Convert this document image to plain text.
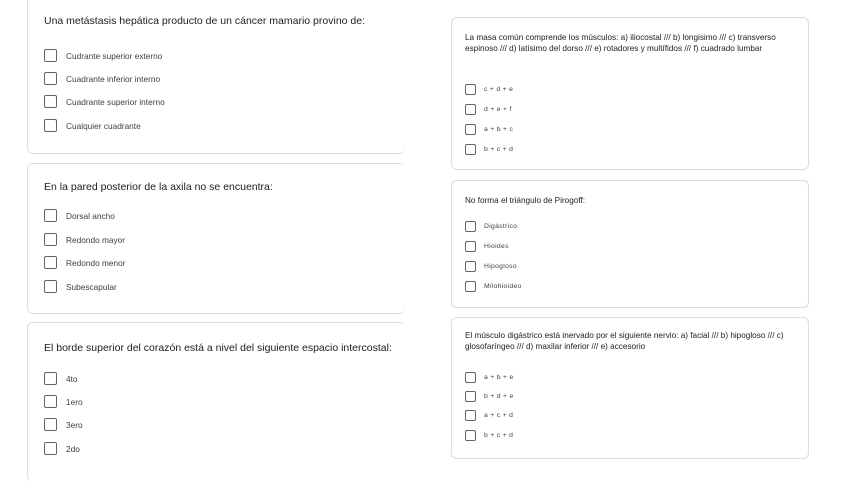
Una metástasis hepática producto de un cáncer mamario provino de:
Cudrante superior externo
Cuadrante inferior interno
Cuadrante superior interno
Cualquier cuadrante
En la pared posterior de la axila no se encuentra:
Dorsal ancho
Redondo mayor
Redondo menor
Subescapular
El borde superior del corazón está a nivel del siguiente espacio intercostal:
4to
1ero
3ero
2do
La masa común comprende los músculos: a) iliocostal /// b) longisimo /// c) transverso espinoso /// d) latísimo del dorso /// e) rotadores y multífidos /// f) cuadrado lumbar
c + d + e
d + e + f
a + b + c
b + c + d
No forma el triángulo de Pirogoff:
Digástrico
Hioides
Hipogloso
Milohioideo
El músculo digástrico está inervado por el siguiente nervio: a) facial /// b) hipogloso /// c) glosofaríngeo /// d) maxilar inferior /// e) accesorio
a + b + e
b + d + e
a + c + d
b + c + d
